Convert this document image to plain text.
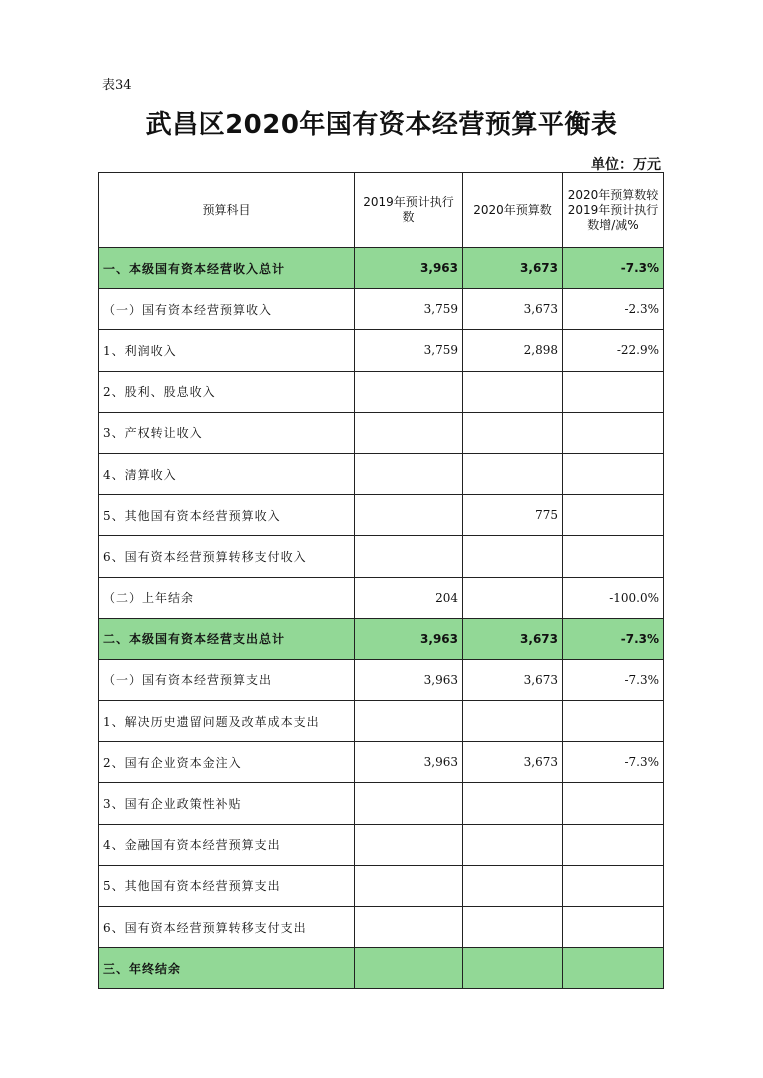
表34
武昌区2020年国有资本经营预算平衡表
单位：万元
预算科目	2019年预计执行数	2020年预算数	2020年预算数较2019年预计执行数增/减%
一、本级国有资本经营收入总计	3,963	3,673	-7.3%
（一）国有资本经营预算收入	3,759	3,673	-2.3%
1、利润收入	3,759	2,898	-22.9%
2、股利、股息收入			
3、产权转让收入			
4、清算收入			
5、其他国有资本经营预算收入		775	
6、国有资本经营预算转移支付收入			
（二）上年结余	204		-100.0%
二、本级国有资本经营支出总计	3,963	3,673	-7.3%
（一）国有资本经营预算支出	3,963	3,673	-7.3%
1、解决历史遗留问题及改革成本支出			
2、国有企业资本金注入	3,963	3,673	-7.3%
3、国有企业政策性补贴			
4、金融国有资本经营预算支出			
5、其他国有资本经营预算支出			
6、国有资本经营预算转移支付支出			
三、年终结余			
